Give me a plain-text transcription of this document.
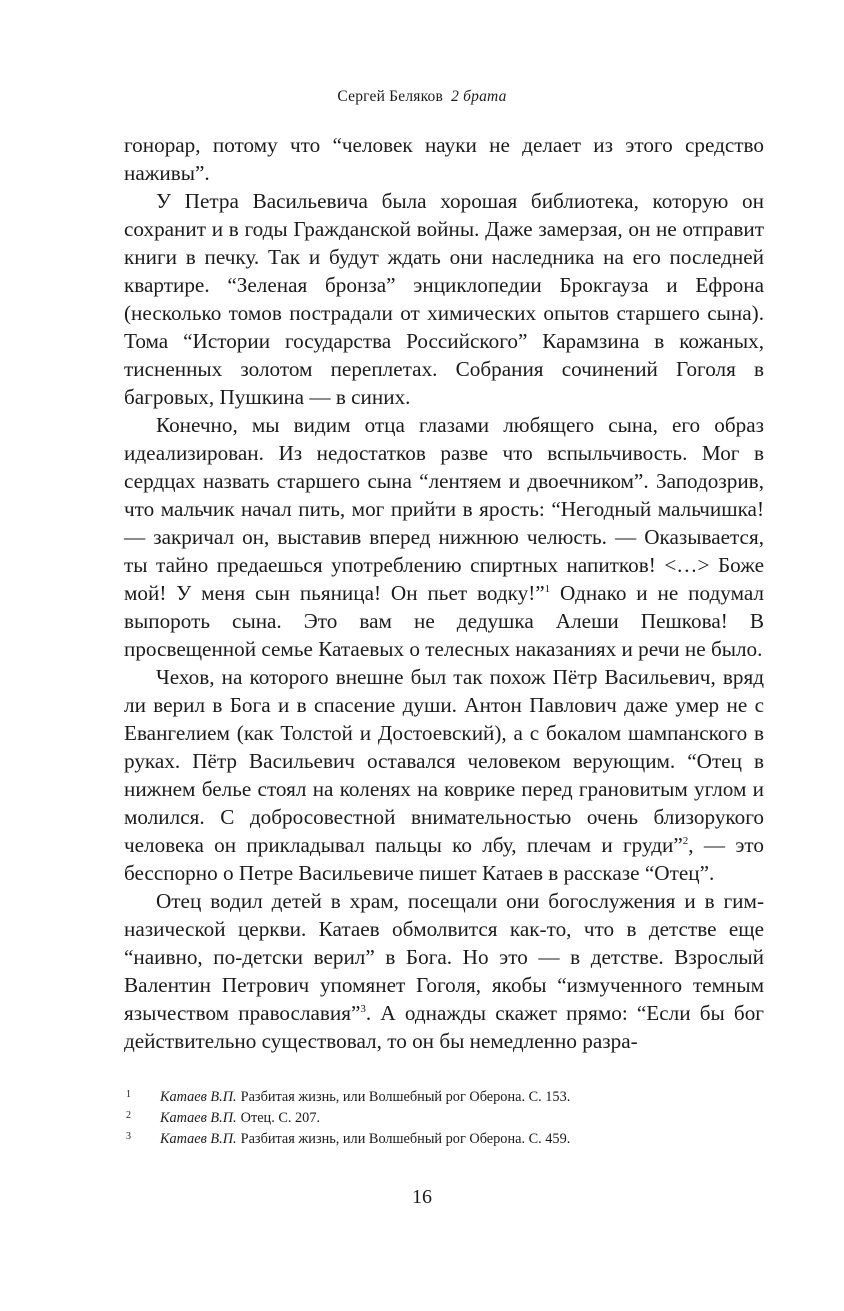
Сергей Беляков 2 брата

гонорар, потому что “человек науки не делает из этого средство наживы”.

У Петра Васильевича была хорошая библиотека, которую он сохранит и в годы Гражданской войны. Даже замерзая, он не отправит книги в печку. Так и будут ждать они наследника на его последней квартире. “Зеленая бронза” энциклопедии Брокгауза и Ефрона (несколько томов пострадали от химических опытов старшего сына). Тома “Истории государства Российского” Карамзина в кожаных, тисненных золотом переплетах. Собрания сочинений Гоголя в багровых, Пушкина — в синих.

Конечно, мы видим отца глазами любящего сына, его образ идеализирован. Из недостатков разве что вспыльчивость. Мог в сердцах назвать старшего сына “лентяем и двоечником”. Заподозрив, что мальчик начал пить, мог прийти в ярость: “Негодный мальчишка! — закричал он, выставив вперед нижнюю челюсть. — Оказывается, ты тайно предаешься употреблению спиртных напитков! <…> Боже мой! У меня сын пьяница! Он пьет водку!”$^1$ Однако и не подумал выпороть сына. Это вам не дедушка Алеши Пешкова! В просвещенной семье Катаевых о телесных наказаниях и речи не было.

Чехов, на которого внешне был так похож Пётр Васильевич, вряд ли верил в Бога и в спасение души. Антон Павлович даже умер не с Евангелием (как Толстой и Достоевский), а с бокалом шампанского в руках. Пётр Васильевич оставался человеком верующим. “Отец в нижнем белье стоял на коленях на коврике перед грановитым углом и молился. С добросовестной внимательностью очень близорукого человека он прикладывал пальцы ко лбу, плечам и груди”$^2$, — это бесспорно о Петре Васильевиче пишет Катаев в рассказе “Отец”.

Отец водил детей в храм, посещали они богослужения и в гимназической церкви. Катаев обмолвится как-то, что в детстве еще “наивно, по-детски верил” в Бога. Но это — в детстве. Взрослый Валентин Петрович упомянет Гоголя, якобы “измученного темным язычеством православия”$^3$. А однажды скажет прямо: “Если бы бог действительно существовал, то он бы немедленно разра-

1 Катаев В.П. Разбитая жизнь, или Волшебный рог Оберона. С. 153.
2 Катаев В.П. Отец. С. 207.
3 Катаев В.П. Разбитая жизнь, или Волшебный рог Оберона. С. 459.
16
